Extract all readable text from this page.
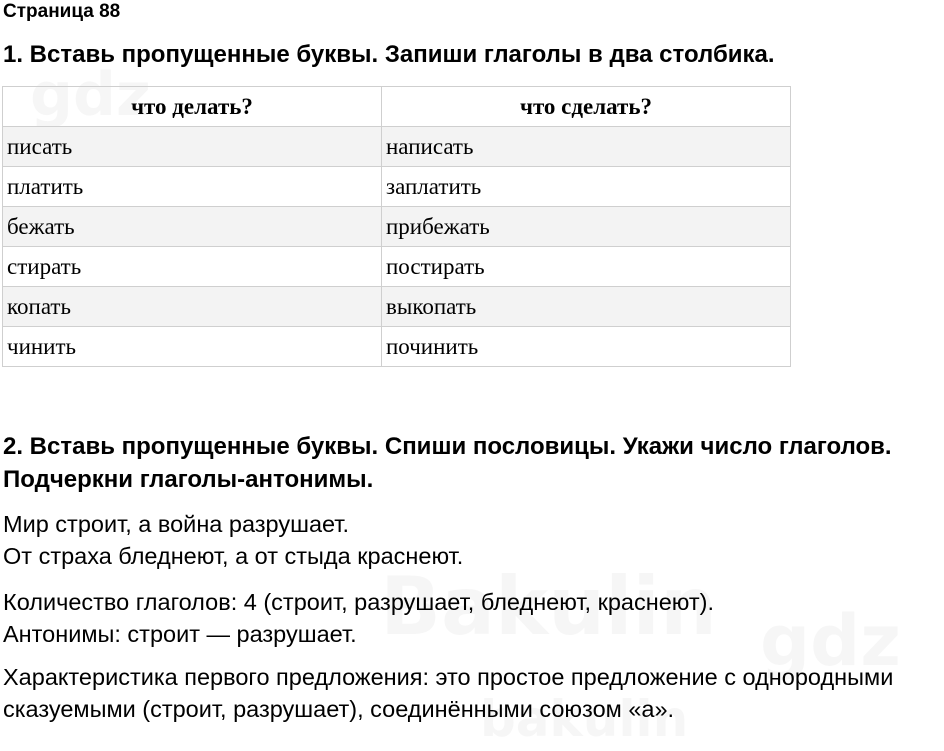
Страница 88
1. Вставь пропущенные буквы. Запиши глаголы в два столбика.
что делать?	что сделать?
писать	написать
платить	заплатить
бежать	прибежать
стирать	постирать
копать	выкопать
чинить	починить
2. Вставь пропущенные буквы. Спиши пословицы. Укажи число глаголов. Подчеркни глаголы-антонимы.
Мир строит, а война разрушает.
От страха бледнеют, а от стыда краснеют.
Количество глаголов: 4 (строит, разрушает, бледнеют, краснеют).
Антонимы: строит — разрушает.
Характеристика первого предложения: это простое предложение с однородными сказуемыми (строит, разрушает), соединёнными союзом «а».
